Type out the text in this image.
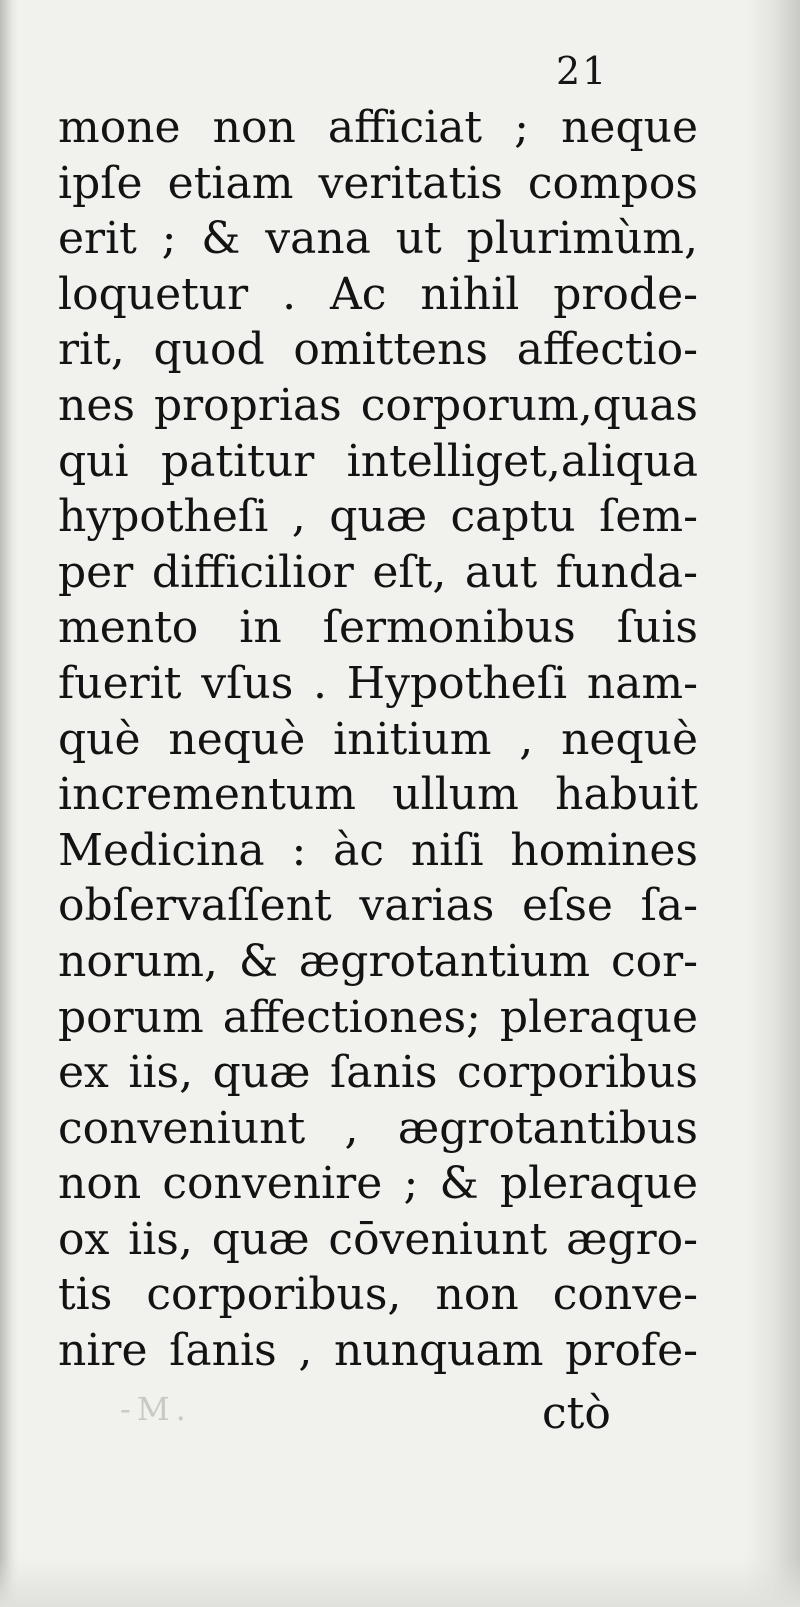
21
mone non afficiat ; neque
ipſe etiam veritatis compos
erit ; & vana ut plurimùm,
loquetur . Ac nihil prode-
rit, quod omittens affectio-
nes proprias corporum,quas
qui patitur intelliget,aliqua
hypotheſi , quæ captu ſem-
per difficilior eſt, aut funda-
mento in ſermonibus ſuis
fuerit vſus . Hypotheſi nam-
què nequè initium , nequè
incrementum ullum habuit
Medicina : àc niſi homines
obſervaſſent varias eſse ſa-
norum, & ægrotantium cor-
porum affectiones; pleraque
ex iis, quæ ſanis corporibus
conveniunt , ægrotantibus
non convenire ; & pleraque
ox iis, quæ cōveniunt ægro-
tis corporibus, non conve-
nire ſanis , nunquam profe-
-M.	ctò
